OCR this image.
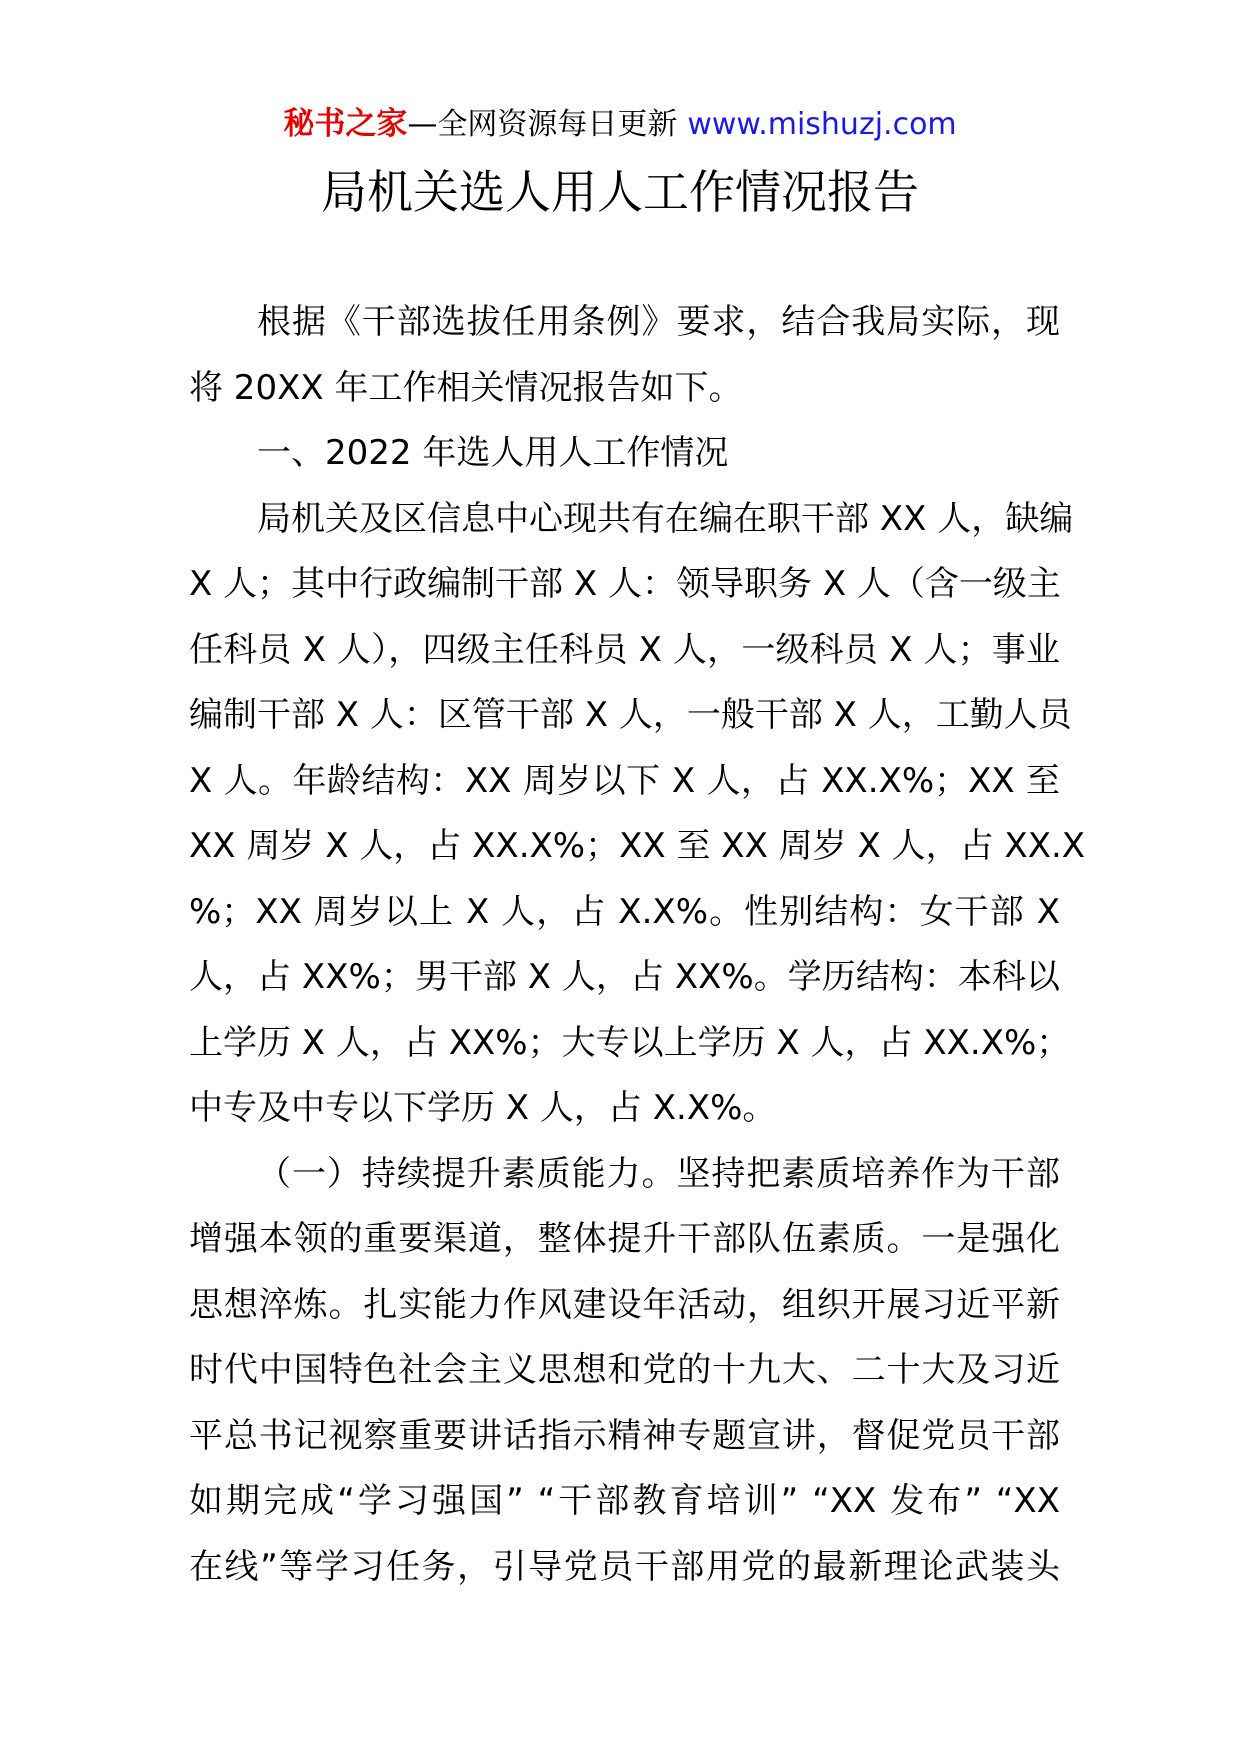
秘书之家—全网资源每日更新 www.mishuzj.com
局机关选人用人工作情况报告
根据《干部选拔任用条例》要求，结合我局实际，现
将 20XX 年工作相关情况报告如下。
一、2022 年选人用人工作情况
局机关及区信息中心现共有在编在职干部 XX 人，缺编
X 人；其中行政编制干部 X 人：领导职务 X 人（含一级主
任科员 X 人），四级主任科员 X 人，一级科员 X 人；事业
编制干部 X 人：区管干部 X 人，一般干部 X 人，工勤人员
X 人。年龄结构：XX 周岁以下 X 人，占 XX.X%；XX 至
XX 周岁 X 人，占 XX.X%；XX 至 XX 周岁 X 人，占 XX.X
%；XX 周岁以上 X 人，占 X.X%。性别结构：女干部 X
人，占 XX%；男干部 X 人，占 XX%。学历结构：本科以
上学历 X 人，占 XX%；大专以上学历 X 人，占 XX.X%；
中专及中专以下学历 X 人，占 X.X%。
（一）持续提升素质能力。坚持把素质培养作为干部
增强本领的重要渠道，整体提升干部队伍素质。一是强化
思想淬炼。扎实能力作风建设年活动，组织开展习近平新
时代中国特色社会主义思想和党的十九大、二十大及习近
平总书记视察重要讲话指示精神专题宣讲，督促党员干部
如期完成“学习强国” “干部教育培训” “XX 发布” “XX
在线”等学习任务，引导党员干部用党的最新理论武装头
